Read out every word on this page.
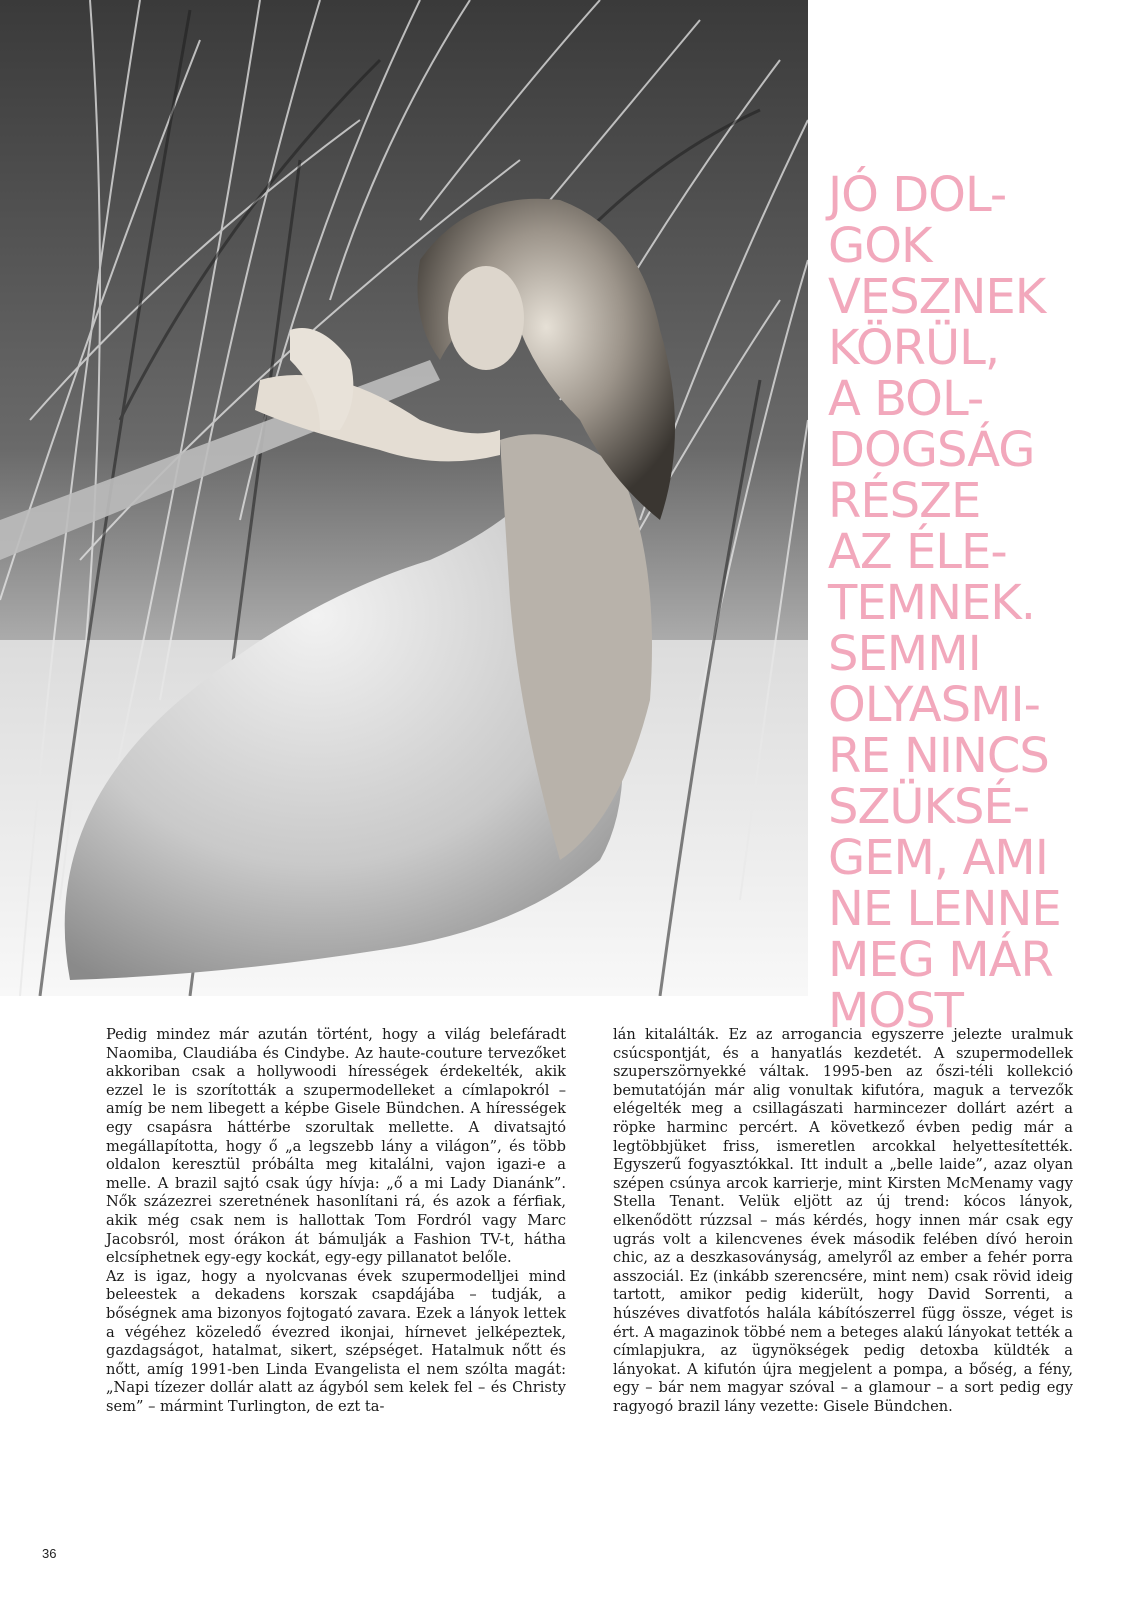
JÓ DOL-
GOK
VESZNEK
KÖRÜL,
A BOL-
DOGSÁG
RÉSZE
AZ ÉLE-
TEMNEK.
SEMMI
OLYASMI-
RE NINCS
SZÜKSÉ-
GEM, AMI
NE LENNE
MEG MÁR
MOST

Pedig mindez már azután történt, hogy a világ belefáradt Naomiba, Claudiába és Cindybe. Az haute-couture tervezőket akkoriban csak a hollywoodi hírességek érdekelték, akik ezzel le is szorították a szupermodelleket a címlapokról – amíg be nem libegett a képbe Gisele Bündchen. A hírességek egy csapásra háttérbe szorultak mellette. A divatsajtó megállapította, hogy ő „a legszebb lány a világon”, és több oldalon keresztül próbálta meg kitalálni, vajon igazi-e a melle. A brazil sajtó csak úgy hívja: „ő a mi Lady Dianánk”. Nők százezrei szeretnének hasonlítani rá, és azok a férfiak, akik még csak nem is hallottak Tom Fordról vagy Marc Jacobsról, most órákon át bámulják a Fashion TV-t, hátha elcsíphetnek egy-egy kockát, egy-egy pillanatot belőle.

Az is igaz, hogy a nyolcvanas évek szupermodelljei mind beleestek a dekadens korszak csapdájába – tudják, a bőségnek ama bizonyos fojtogató zavara. Ezek a lányok lettek a végéhez közeledő évezred ikonjai, hírnevet jelképeztek, gazdagságot, hatalmat, sikert, szépséget. Hatalmuk nőtt és nőtt, amíg 1991-ben Linda Evangelista el nem szólta magát: „Napi tízezer dollár alatt az ágyból sem kelek fel – és Christy sem” – mármint Turlington, de ezt ta-

lán kitalálták. Ez az arrogancia egyszerre jelezte uralmuk csúcspontját, és a hanyatlás kezdetét. A szupermodellek szuperszörnyekké váltak. 1995-ben az őszi-téli kollekció bemutatóján már alig vonultak kifutóra, maguk a tervezők elégelték meg a csillagászati harmincezer dollárt azért a röpke harminc percért. A következő évben pedig már a legtöbbjüket friss, ismeretlen arcokkal helyettesítették. Egyszerű fogyasztókkal. Itt indult a „belle laide”, azaz olyan szépen csúnya arcok karrierje, mint Kirsten McMenamy vagy Stella Tenant. Velük eljött az új trend: kócos lányok, elkenődött rúzzsal – más kérdés, hogy innen már csak egy ugrás volt a kilencvenes évek második felében dívó heroin chic, az a deszkasoványság, amelyről az ember a fehér porra asszociál. Ez (inkább szerencsére, mint nem) csak rövid ideig tartott, amikor pedig kiderült, hogy David Sorrenti, a húszéves divatfotós halála kábítószerrel függ össze, véget is ért. A magazinok többé nem a beteges alakú lányokat tették a címlapjukra, az ügynökségek pedig detoxba küldték a lányokat. A kifutón újra megjelent a pompa, a bőség, a fény, egy – bár nem magyar szóval – a glamour – a sort pedig egy ragyogó brazil lány vezette: Gisele Bündchen.

36
